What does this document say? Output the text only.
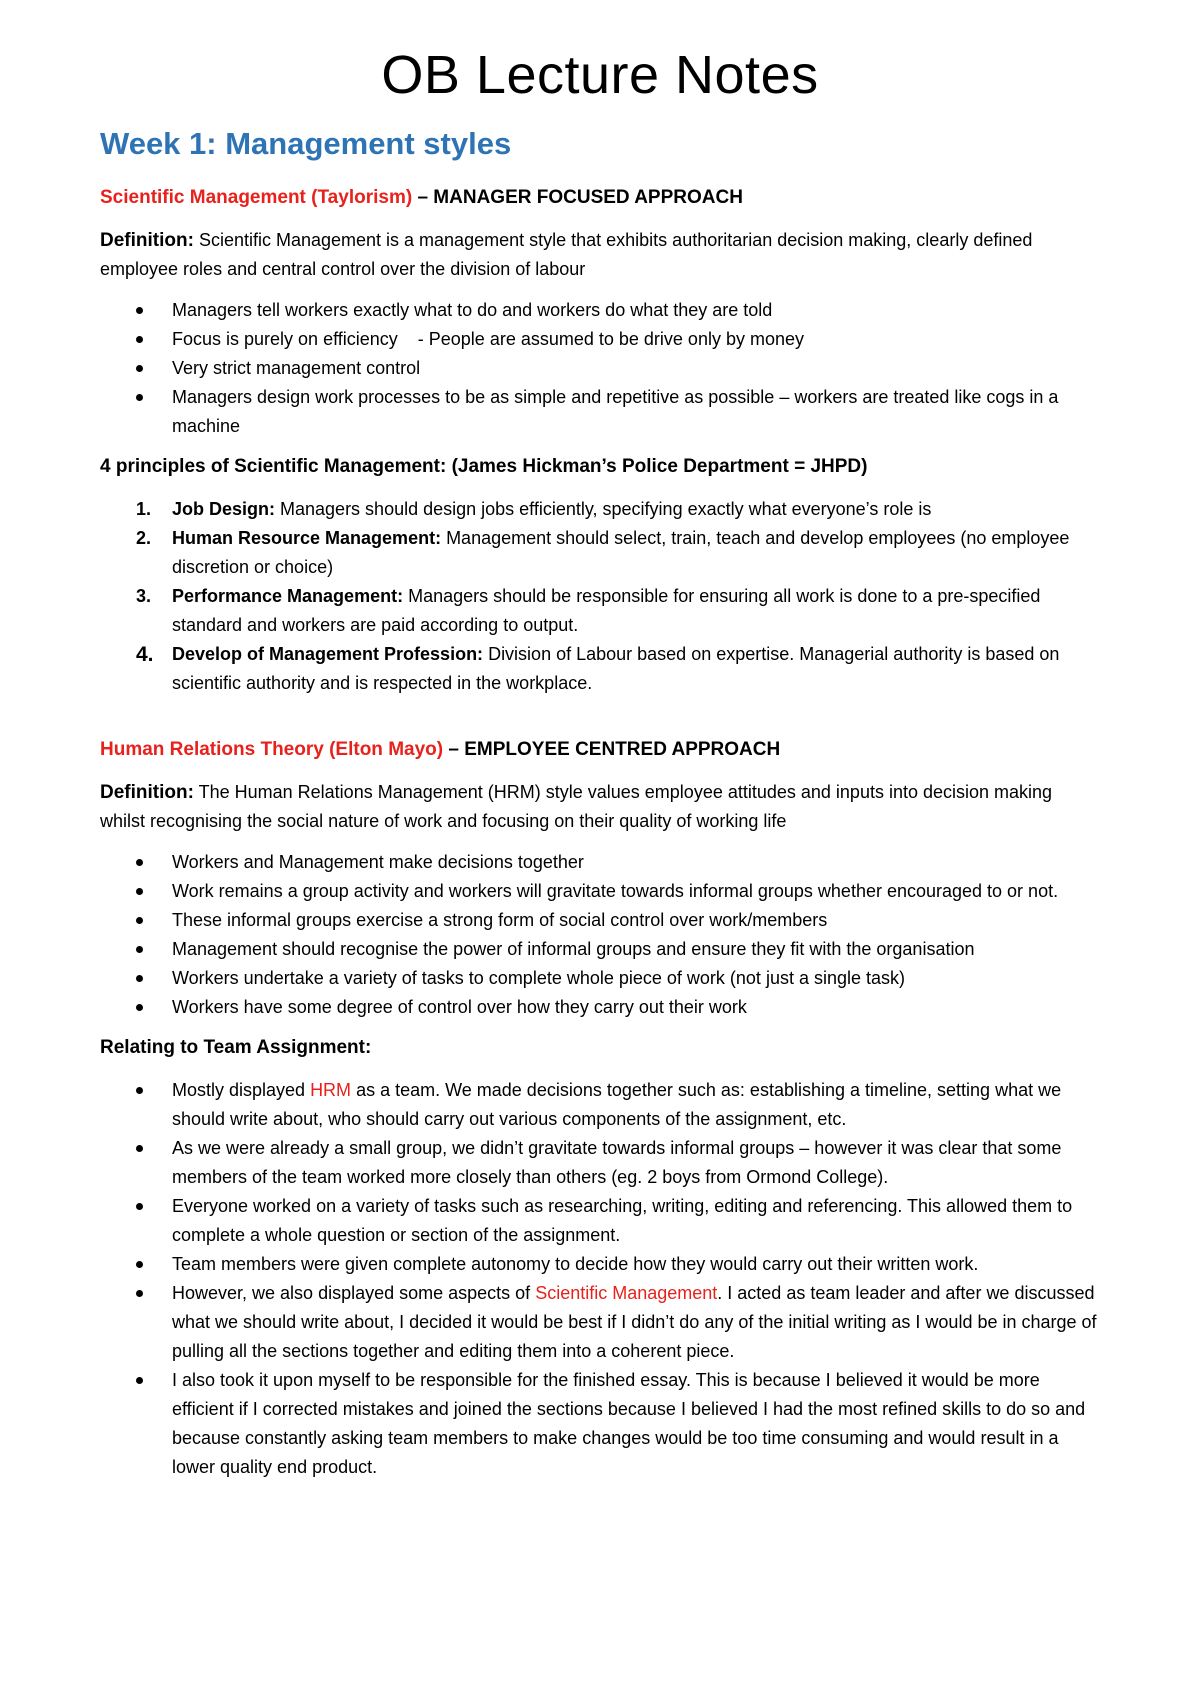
OB Lecture Notes
Week 1: Management styles

Scientific Management (Taylorism) – MANAGER FOCUSED APPROACH

Definition: Scientific Management is a management style that exhibits authoritarian decision making, clearly defined employee roles and central control over the division of labour

Managers tell workers exactly what to do and workers do what they are told
Focus is purely on efficiency    - People are assumed to be drive only by money
Very strict management control
Managers design work processes to be as simple and repetitive as possible – workers are treated like cogs in a machine

4 principles of Scientific Management: (James Hickman’s Police Department = JHPD)

1. Job Design: Managers should design jobs efficiently, specifying exactly what everyone’s role is
2. Human Resource Management: Management should select, train, teach and develop employees (no employee discretion or choice)
3. Performance Management: Managers should be responsible for ensuring all work is done to a pre-specified standard and workers are paid according to output.
4. Develop of Management Profession: Division of Labour based on expertise. Managerial authority is based on scientific authority and is respected in the workplace.

Human Relations Theory (Elton Mayo) – EMPLOYEE CENTRED APPROACH

Definition: The Human Relations Management (HRM) style values employee attitudes and inputs into decision making whilst recognising the social nature of work and focusing on their quality of working life

Workers and Management make decisions together
Work remains a group activity and workers will gravitate towards informal groups whether encouraged to or not.
These informal groups exercise a strong form of social control over work/members
Management should recognise the power of informal groups and ensure they fit with the organisation
Workers undertake a variety of tasks to complete whole piece of work (not just a single task)
Workers have some degree of control over how they carry out their work

Relating to Team Assignment:

Mostly displayed HRM as a team. We made decisions together such as: establishing a timeline, setting what we should write about, who should carry out various components of the assignment, etc.
As we were already a small group, we didn’t gravitate towards informal groups – however it was clear that some members of the team worked more closely than others (eg. 2 boys from Ormond College).
Everyone worked on a variety of tasks such as researching, writing, editing and referencing. This allowed them to complete a whole question or section of the assignment.
Team members were given complete autonomy to decide how they would carry out their written work.
However, we also displayed some aspects of Scientific Management. I acted as team leader and after we discussed what we should write about, I decided it would be best if I didn’t do any of the initial writing as I would be in charge of pulling all the sections together and editing them into a coherent piece.
I also took it upon myself to be responsible for the finished essay. This is because I believed it would be more efficient if I corrected mistakes and joined the sections because I believed I had the most refined skills to do so and because constantly asking team members to make changes would be too time consuming and would result in a lower quality end product.
